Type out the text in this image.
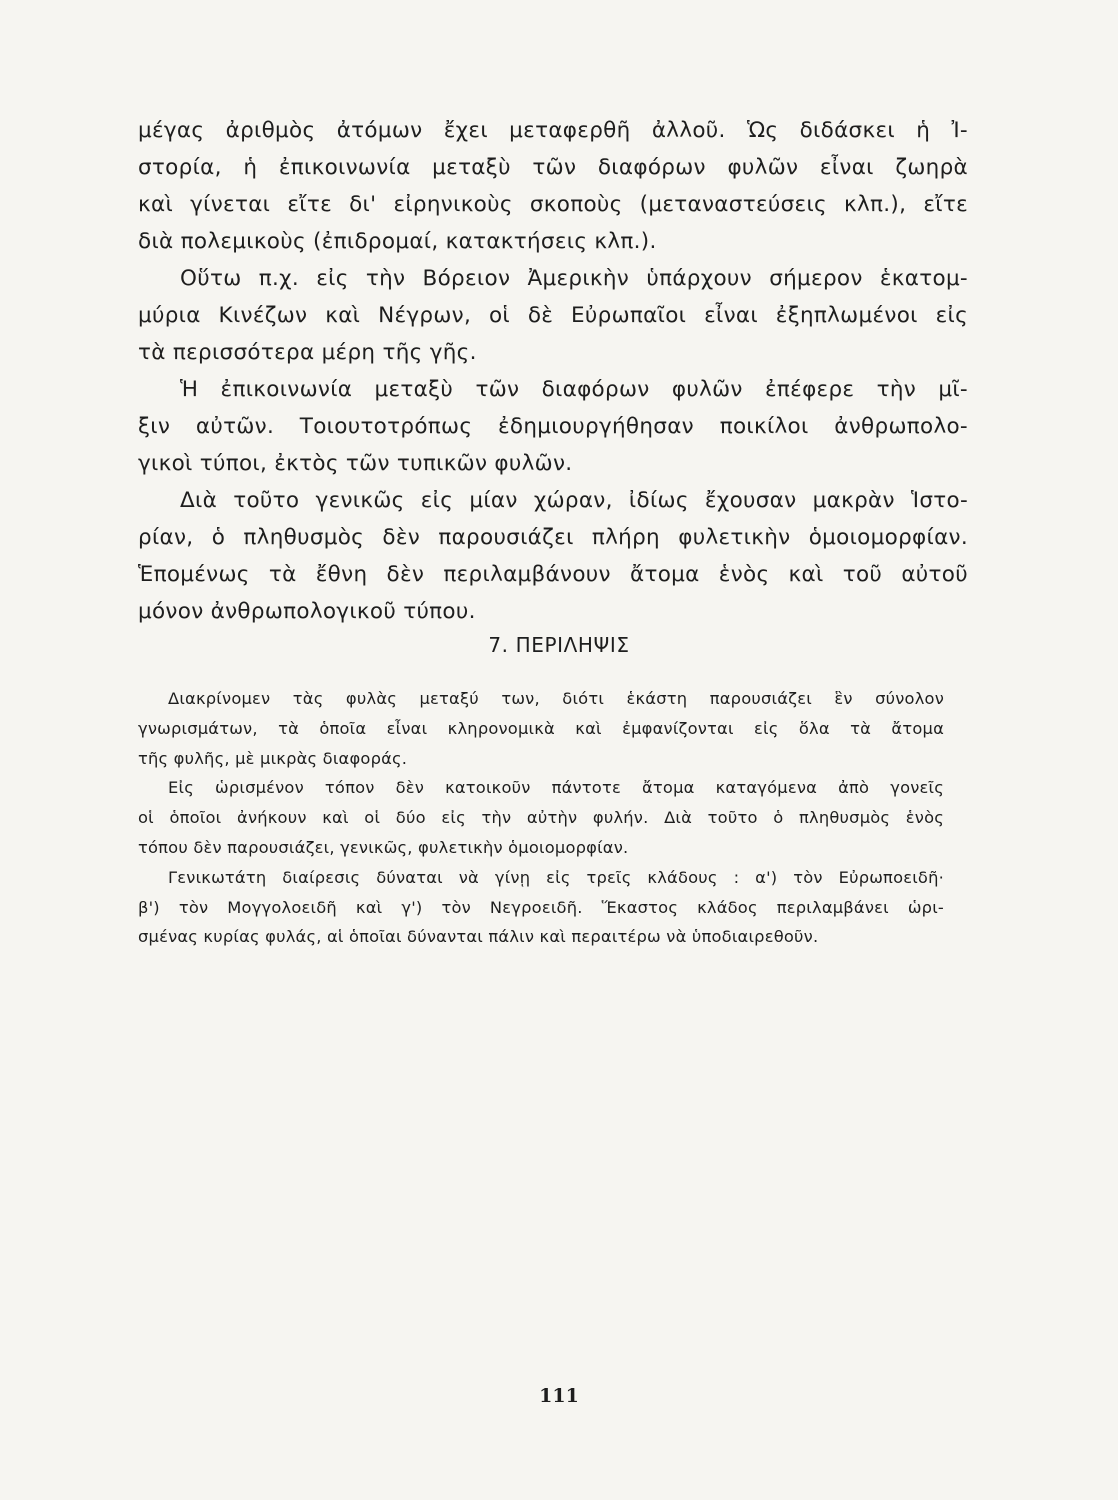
μέγας ἀριθμὸς ἀτόμων ἔχει μεταφερθῆ ἀλλοῦ. Ὡς διδάσκει ἡ Ἰ-
στορία, ἡ ἐπικοινωνία μεταξὺ τῶν διαφόρων φυλῶν εἶναι ζωηρὰ
καὶ γίνεται εἴτε δι' εἰρηνικοὺς σκοποὺς (μεταναστεύσεις κλπ.), εἴτε
διὰ πολεμικοὺς (ἐπιδρομαί, κατακτήσεις κλπ.).
Οὕτω π.χ. εἰς τὴν Βόρειον Ἀμερικὴν ὑπάρχουν σήμερον ἑκατομ-
μύρια Κινέζων καὶ Νέγρων, οἱ δὲ Εὐρωπαῖοι εἶναι ἐξηπλωμένοι εἰς
τὰ περισσότερα μέρη τῆς γῆς.
Ἡ ἐπικοινωνία μεταξὺ τῶν διαφόρων φυλῶν ἐπέφερε τὴν μῖ-
ξιν αὐτῶν. Τοιουτοτρόπως ἐδημιουργήθησαν ποικίλοι ἀνθρωπολο-
γικοὶ τύποι, ἐκτὸς τῶν τυπικῶν φυλῶν.
Διὰ τοῦτο γενικῶς εἰς μίαν χώραν, ἰδίως ἔχουσαν μακρὰν Ἱστο-
ρίαν, ὁ πληθυσμὸς δὲν παρουσιάζει πλήρη φυλετικὴν ὁμοιομορφίαν.
Ἑπομένως τὰ ἔθνη δὲν περιλαμβάνουν ἄτομα ἑνὸς καὶ τοῦ αὐτοῦ
μόνον ἀνθρωπολογικοῦ τύπου.
7. ΠΕΡΙΛΗΨΙΣ
Διακρίνομεν τὰς φυλὰς μεταξύ των, διότι ἑκάστη παρουσιάζει ἓν σύνολον
γνωρισμάτων, τὰ ὁποῖα εἶναι κληρονομικὰ καὶ ἐμφανίζονται εἰς ὅλα τὰ ἄτομα
τῆς φυλῆς, μὲ μικρὰς διαφοράς.
Εἰς ὡρισμένον τόπον δὲν κατοικοῦν πάντοτε ἄτομα καταγόμενα ἀπὸ γονεῖς
οἱ ὁποῖοι ἀνήκουν καὶ οἱ δύο εἰς τὴν αὐτὴν φυλήν. Διὰ τοῦτο ὁ πληθυσμὸς ἑνὸς
τόπου δὲν παρουσιάζει, γενικῶς, φυλετικὴν ὁμοιομορφίαν.
Γενικωτάτη διαίρεσις δύναται νὰ γίνῃ εἰς τρεῖς κλάδους : α') τὸν Εὐρωποειδῆ·
β') τὸν Μογγολοειδῆ καὶ γ') τὸν Νεγροειδῆ. Ἕκαστος κλάδος περιλαμβάνει ὡρι-
σμένας κυρίας φυλάς, αἱ ὁποῖαι δύνανται πάλιν καὶ περαιτέρω νὰ ὑποδιαιρεθοῦν.
111
